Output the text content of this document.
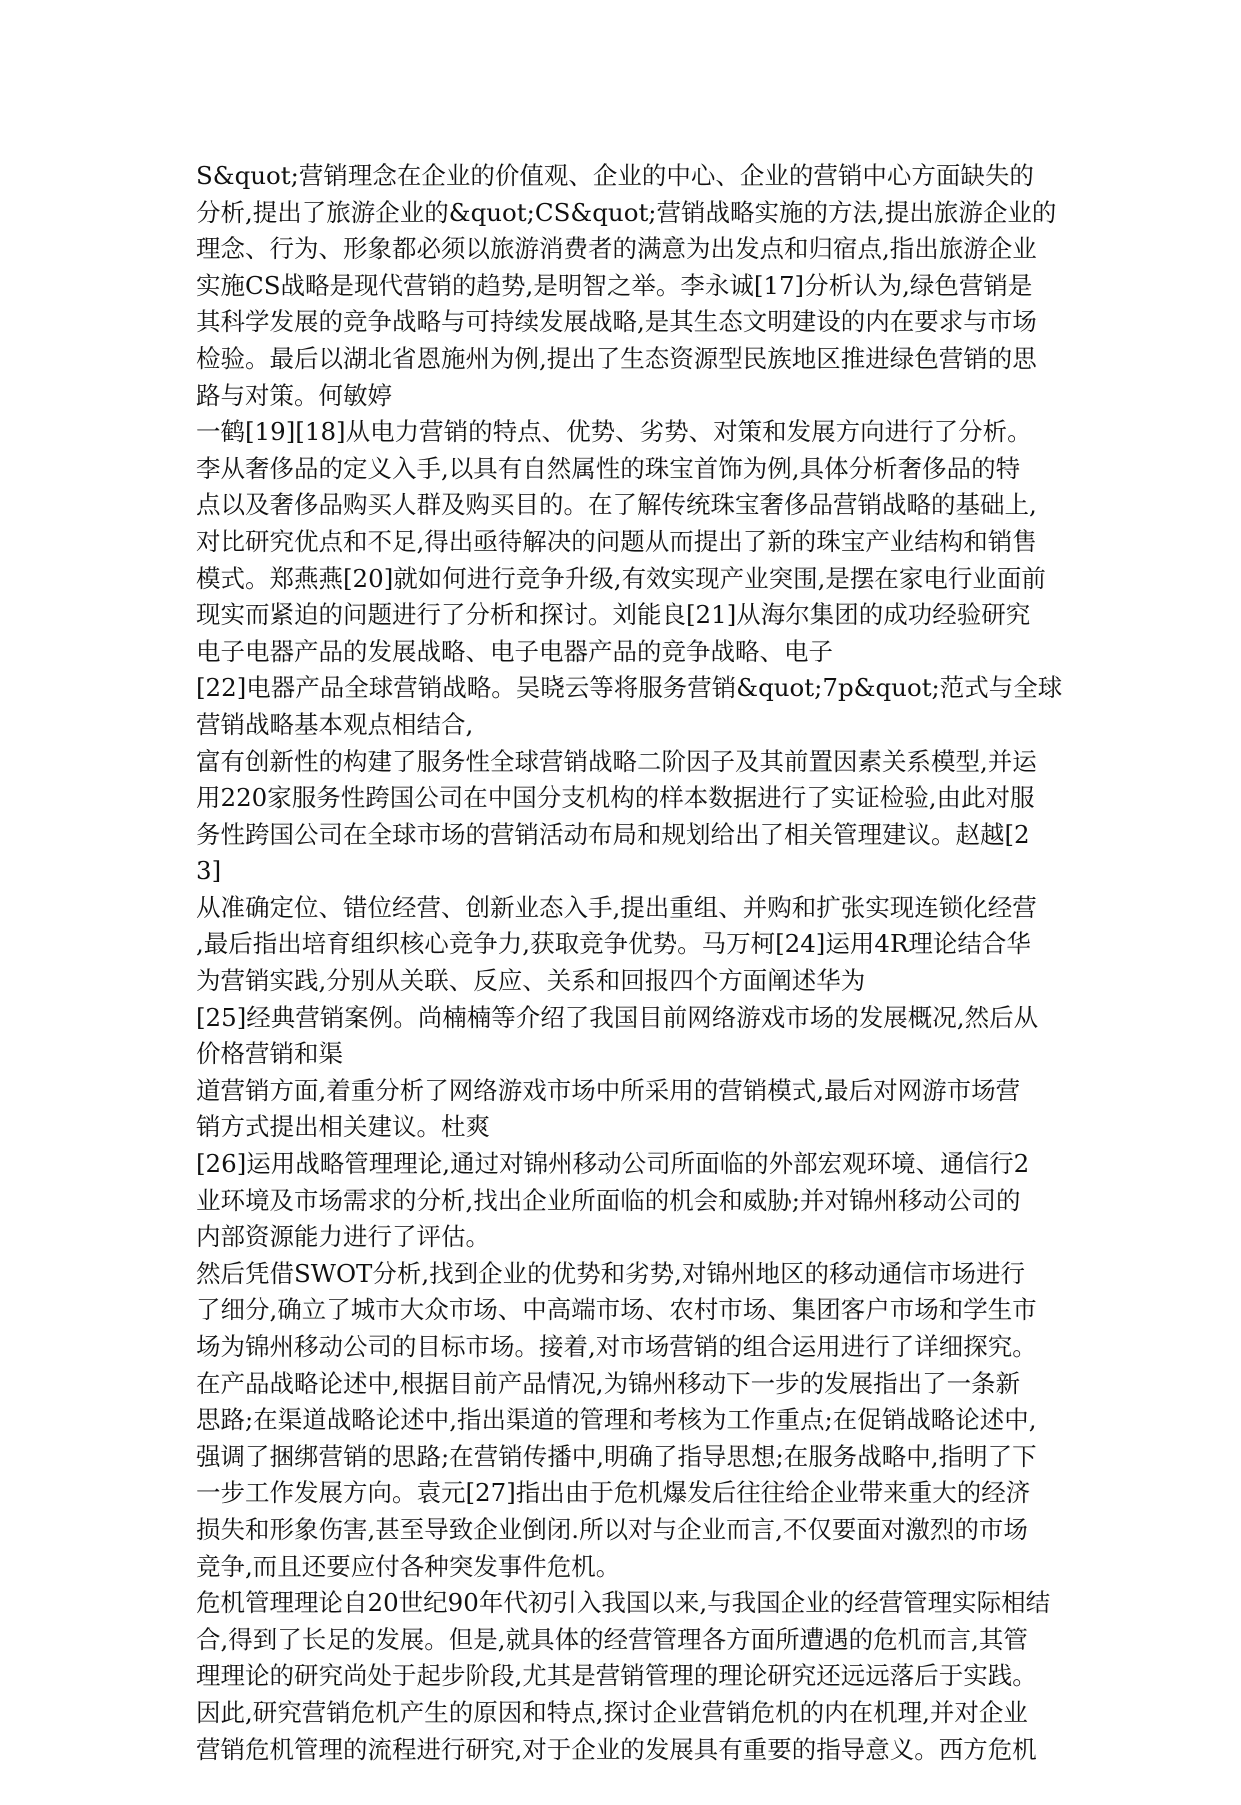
S&quot;营销理念在企业的价值观、企业的中心、企业的营销中心方面缺失的
分析,提出了旅游企业的&quot;CS&quot;营销战略实施的方法,提出旅游企业的
理念、行为、形象都必须以旅游消费者的满意为出发点和归宿点,指出旅游企业
实施CS战略是现代营销的趋势,是明智之举。李永诚[17]分析认为,绿色营销是
其科学发展的竞争战略与可持续发展战略,是其生态文明建设的内在要求与市场
检验。最后以湖北省恩施州为例,提出了生态资源型民族地区推进绿色营销的思
路与对策。何敏婷
一鹤[19][18]从电力营销的特点、优势、劣势、对策和发展方向进行了分析。
李从奢侈品的定义入手,以具有自然属性的珠宝首饰为例,具体分析奢侈品的特
点以及奢侈品购买人群及购买目的。在了解传统珠宝奢侈品营销战略的基础上,
对比研究优点和不足,得出亟待解决的问题从而提出了新的珠宝产业结构和销售
模式。郑燕燕[20]就如何进行竞争升级,有效实现产业突围,是摆在家电行业面前
现实而紧迫的问题进行了分析和探讨。刘能良[21]从海尔集团的成功经验研究
电子电器产品的发展战略、电子电器产品的竞争战略、电子
[22]电器产品全球营销战略。吴晓云等将服务营销&quot;7p&quot;范式与全球
营销战略基本观点相结合,
富有创新性的构建了服务性全球营销战略二阶因子及其前置因素关系模型,并运
用220家服务性跨国公司在中国分支机构的样本数据进行了实证检验,由此对服
务性跨国公司在全球市场的营销活动布局和规划给出了相关管理建议。赵越[2
3]
从准确定位、错位经营、创新业态入手,提出重组、并购和扩张实现连锁化经营
,最后指出培育组织核心竞争力,获取竞争优势。马万柯[24]运用4R理论结合华
为营销实践,分别从关联、反应、关系和回报四个方面阐述华为
[25]经典营销案例。尚楠楠等介绍了我国目前网络游戏市场的发展概况,然后从
价格营销和渠
道营销方面,着重分析了网络游戏市场中所采用的营销模式,最后对网游市场营
销方式提出相关建议。杜爽
[26]运用战略管理理论,通过对锦州移动公司所面临的外部宏观环境、通信行2
业环境及市场需求的分析,找出企业所面临的机会和威胁;并对锦州移动公司的
内部资源能力进行了评估。
然后凭借SWOT分析,找到企业的优势和劣势,对锦州地区的移动通信市场进行
了细分,确立了城市大众市场、中高端市场、农村市场、集团客户市场和学生市
场为锦州移动公司的目标市场。接着,对市场营销的组合运用进行了详细探究。
在产品战略论述中,根据目前产品情况,为锦州移动下一步的发展指出了一条新
思路;在渠道战略论述中,指出渠道的管理和考核为工作重点;在促销战略论述中,
强调了捆绑营销的思路;在营销传播中,明确了指导思想;在服务战略中,指明了下
一步工作发展方向。袁元[27]指出由于危机爆发后往往给企业带来重大的经济
损失和形象伤害,甚至导致企业倒闭.所以对与企业而言,不仅要面对激烈的市场
竞争,而且还要应付各种突发事件危机。
危机管理理论自20世纪90年代初引入我国以来,与我国企业的经营管理实际相结
合,得到了长足的发展。但是,就具体的经营管理各方面所遭遇的危机而言,其管
理理论的研究尚处于起步阶段,尤其是营销管理的理论研究还远远落后于实践。
因此,研究营销危机产生的原因和特点,探讨企业营销危机的内在机理,并对企业
营销危机管理的流程进行研究,对于企业的发展具有重要的指导意义。西方危机
